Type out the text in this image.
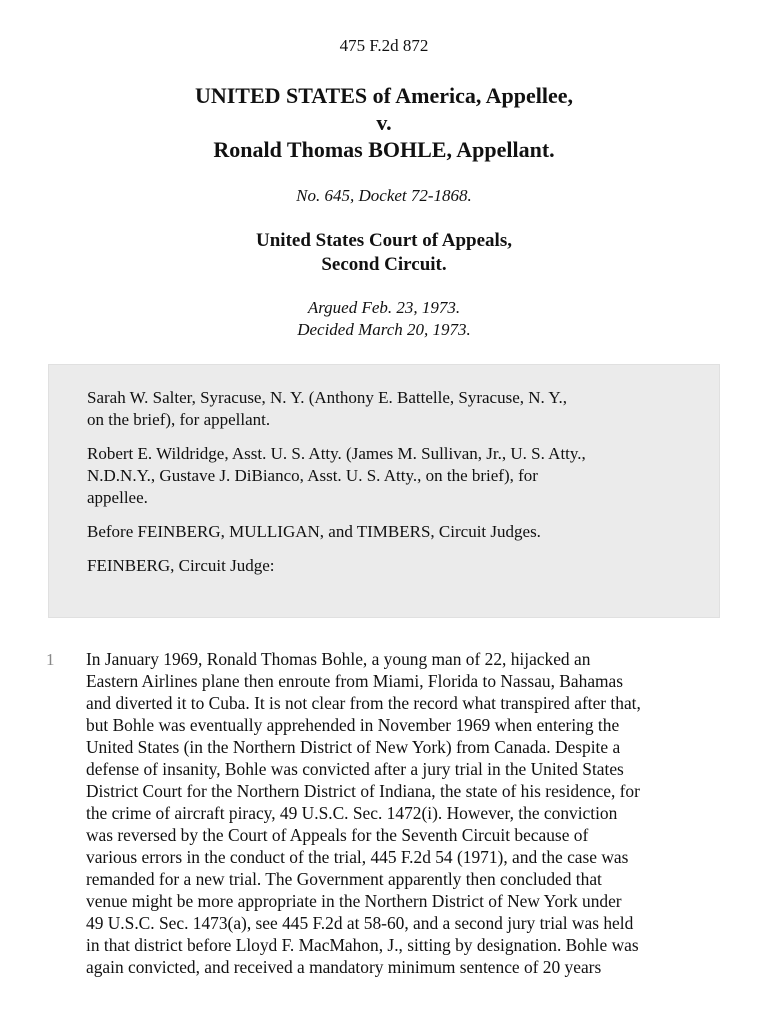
475 F.2d 872
UNITED STATES of America, Appellee,
v.
Ronald Thomas BOHLE, Appellant.
No. 645, Docket 72-1868.
United States Court of Appeals,
Second Circuit.
Argued Feb. 23, 1973.
Decided March 20, 1973.

Sarah W. Salter, Syracuse, N. Y. (Anthony E. Battelle, Syracuse, N. Y.,
on the brief), for appellant.

Robert E. Wildridge, Asst. U. S. Atty. (James M. Sullivan, Jr., U. S. Atty.,
N.D.N.Y., Gustave J. DiBianco, Asst. U. S. Atty., on the brief), for
appellee.

Before FEINBERG, MULLIGAN, and TIMBERS, Circuit Judges.

FEINBERG, Circuit Judge:

1 In January 1969, Ronald Thomas Bohle, a young man of 22, hijacked an
Eastern Airlines plane then enroute from Miami, Florida to Nassau, Bahamas
and diverted it to Cuba. It is not clear from the record what transpired after that,
but Bohle was eventually apprehended in November 1969 when entering the
United States (in the Northern District of New York) from Canada. Despite a
defense of insanity, Bohle was convicted after a jury trial in the United States
District Court for the Northern District of Indiana, the state of his residence, for
the crime of aircraft piracy, 49 U.S.C. Sec. 1472(i). However, the conviction
was reversed by the Court of Appeals for the Seventh Circuit because of
various errors in the conduct of the trial, 445 F.2d 54 (1971), and the case was
remanded for a new trial. The Government apparently then concluded that
venue might be more appropriate in the Northern District of New York under
49 U.S.C. Sec. 1473(a), see 445 F.2d at 58-60, and a second jury trial was held
in that district before Lloyd F. MacMahon, J., sitting by designation. Bohle was
again convicted, and received a mandatory minimum sentence of 20 years
